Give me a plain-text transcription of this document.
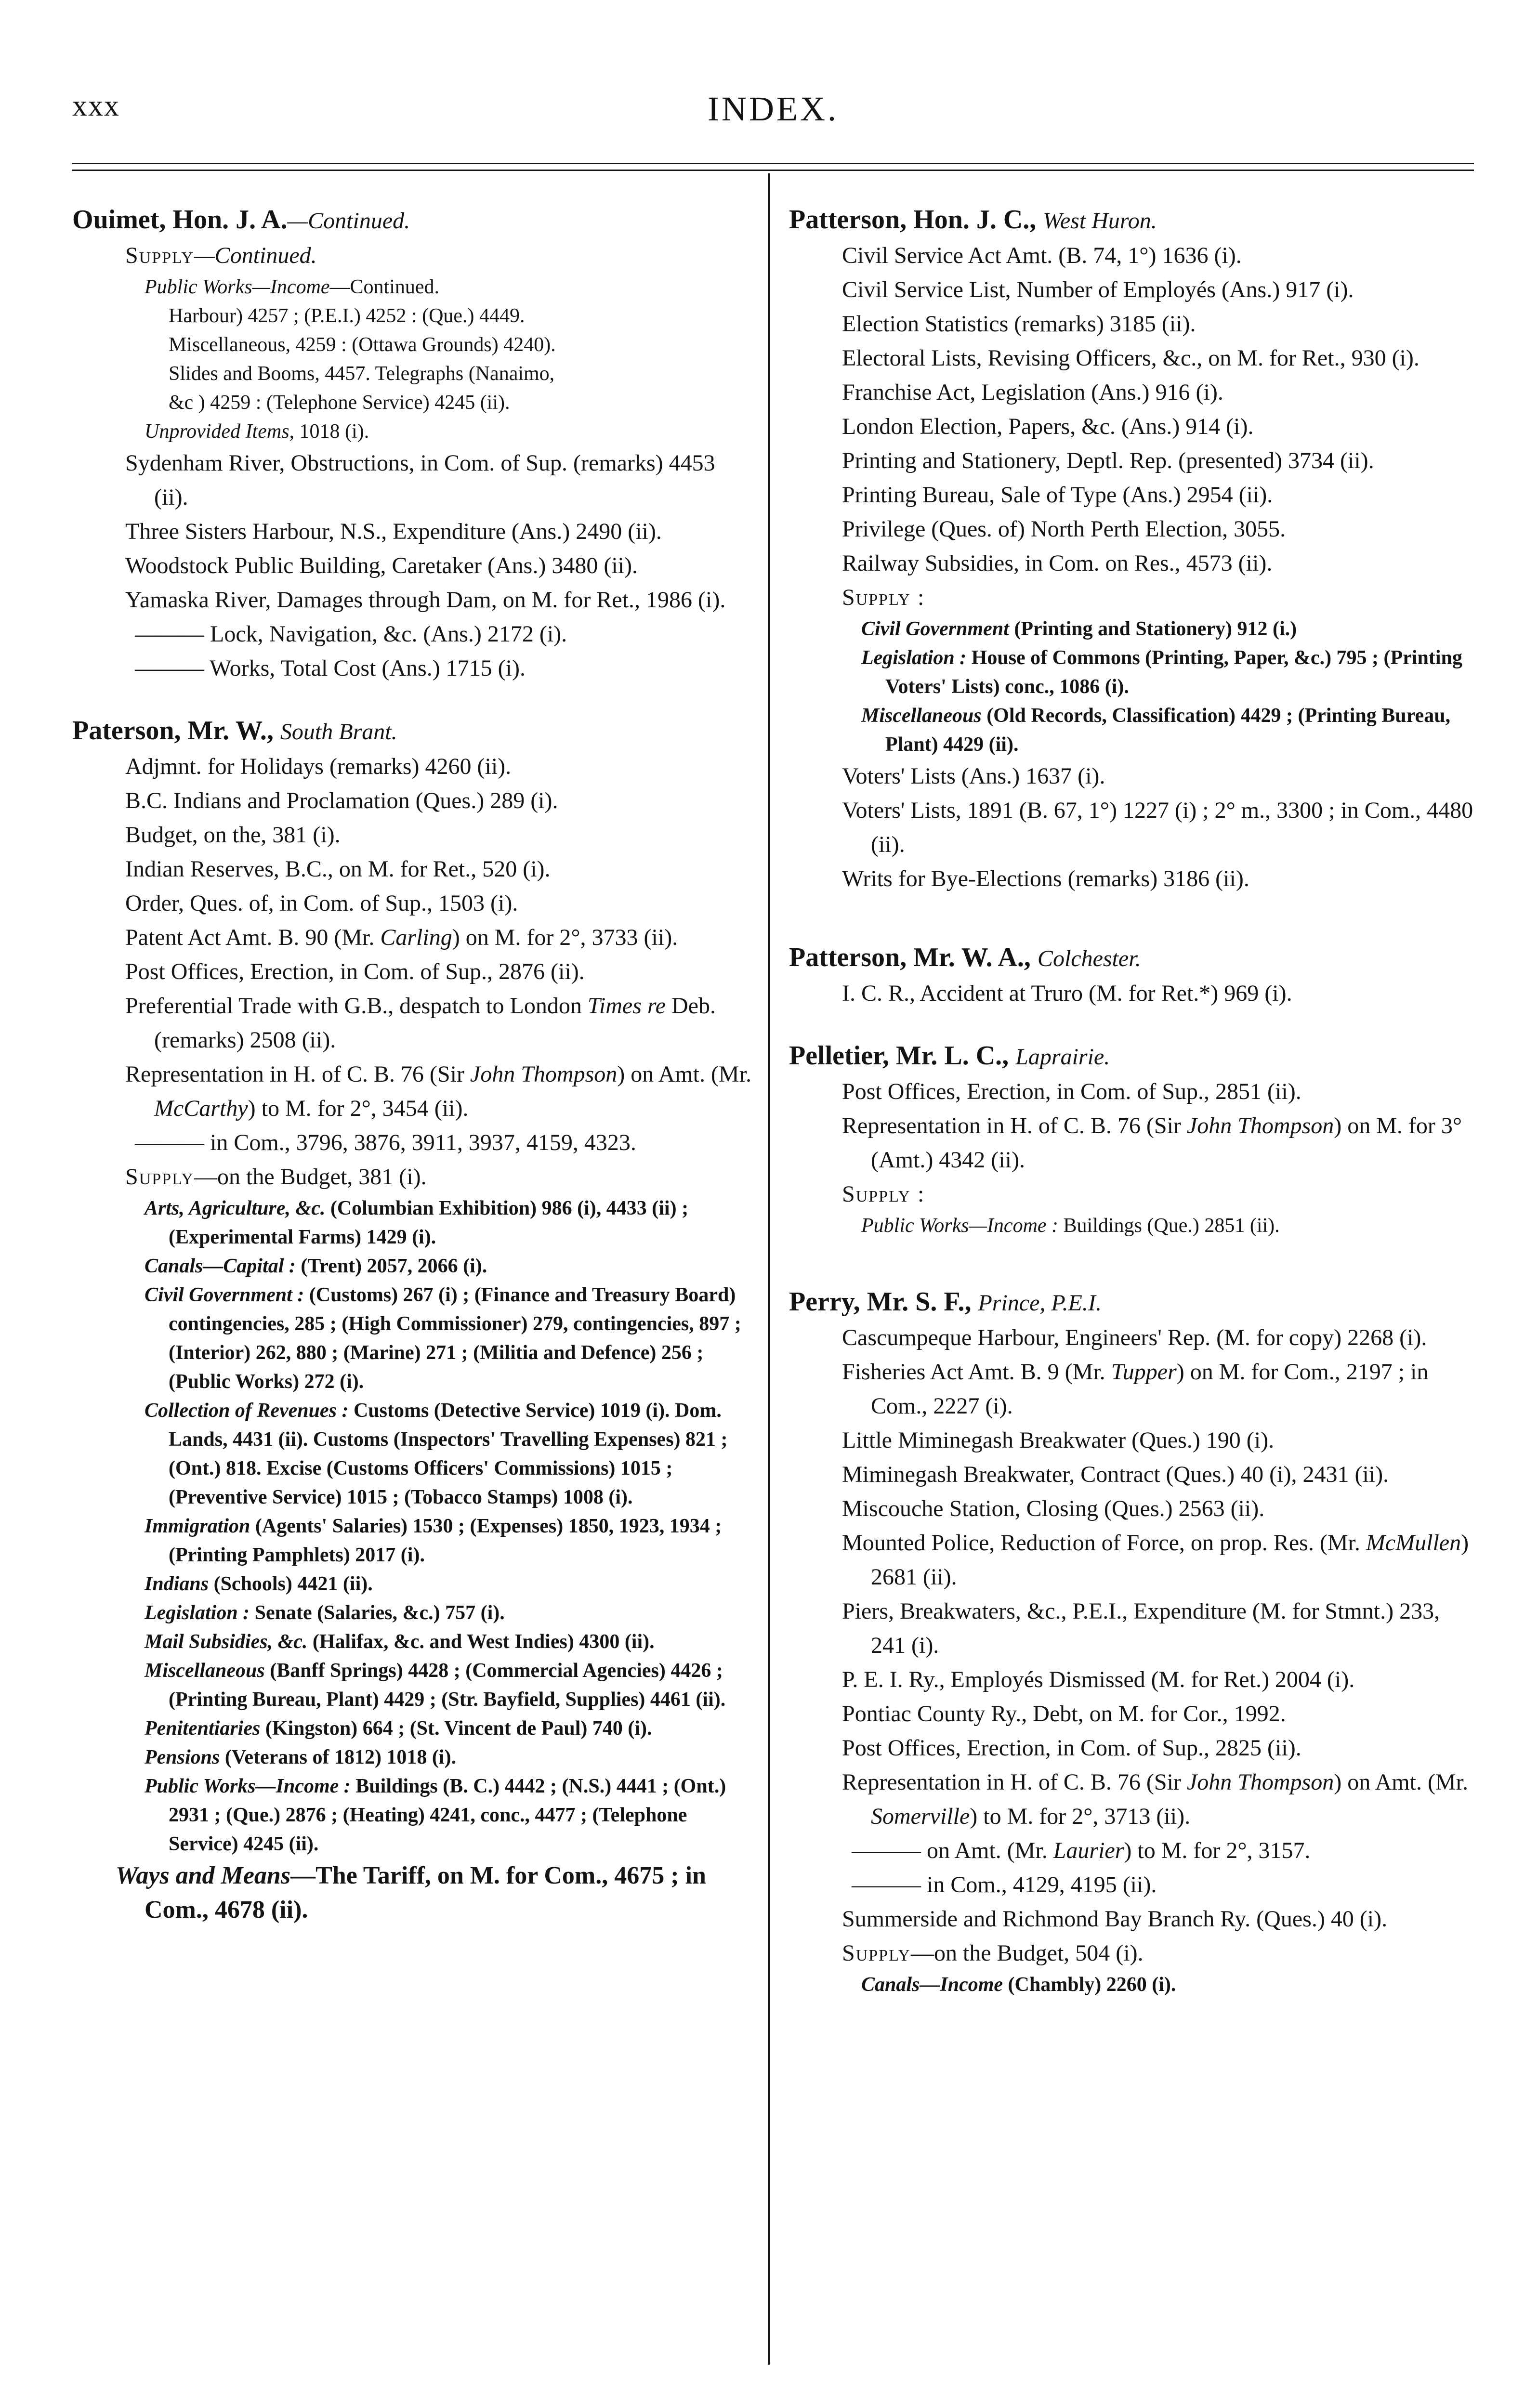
xxx	INDEX.
Ouimet, Hon. J. A.—Continued.
Supply—Continued.
Public Works—Income—Continued.
Harbour) 4257 ; (P.E.I.) 4252 : (Que.) 4449.
Miscellaneous, 4259 : (Ottawa Grounds) 4240).
Slides and Booms, 4457. Telegraphs (Nanaimo,
&c ) 4259 : (Telephone Service) 4245 (ii).
Unprovided Items, 1018 (i).
Sydenham River, Obstructions, in Com. of Sup. (remarks) 4453 (ii).
Three Sisters Harbour, N.S., Expenditure (Ans.) 2490 (ii).
Woodstock Public Building, Caretaker (Ans.) 3480 (ii).
Yamaska River, Damages through Dam, on M. for Ret., 1986 (i).
——— Lock, Navigation, &c. (Ans.) 2172 (i).
——— Works, Total Cost (Ans.) 1715 (i).
Paterson, Mr. W., South Brant.
Adjmnt. for Holidays (remarks) 4260 (ii).
B.C. Indians and Proclamation (Ques.) 289 (i).
Budget, on the, 381 (i).
Indian Reserves, B.C., on M. for Ret., 520 (i).
Order, Ques. of, in Com. of Sup., 1503 (i).
Patent Act Amt. B. 90 (Mr. Carling) on M. for 2°, 3733 (ii).
Post Offices, Erection, in Com. of Sup., 2876 (ii).
Preferential Trade with G.B., despatch to London Times re Deb. (remarks) 2508 (ii).
Representation in H. of C. B. 76 (Sir John Thompson) on Amt. (Mr. McCarthy) to M. for 2°, 3454 (ii).
——— in Com., 3796, 3876, 3911, 3937, 4159, 4323.
Supply—on the Budget, 381 (i).
Arts, Agriculture, &c. (Columbian Exhibition) 986 (i), 4433 (ii) ; (Experimental Farms) 1429 (i).
Canals—Capital : (Trent) 2057, 2066 (i).
Civil Government : (Customs) 267 (i) ; (Finance and Treasury Board) contingencies, 285 ; (High Commissioner) 279, contingencies, 897 ; (Interior) 262, 880 ; (Marine) 271 ; (Militia and Defence) 256 ; (Public Works) 272 (i).
Collection of Revenues : Customs (Detective Service) 1019 (i). Dom. Lands, 4431 (ii). Customs (Inspectors' Travelling Expenses) 821 ; (Ont.) 818. Excise (Customs Officers' Commissions) 1015 ; (Preventive Service) 1015 ; (Tobacco Stamps) 1008 (i).
Immigration (Agents' Salaries) 1530 ; (Expenses) 1850, 1923, 1934 ; (Printing Pamphlets) 2017 (i).
Indians (Schools) 4421 (ii).
Legislation : Senate (Salaries, &c.) 757 (i).
Mail Subsidies, &c. (Halifax, &c. and West Indies) 4300 (ii).
Miscellaneous (Banff Springs) 4428 ; (Commercial Agencies) 4426 ; (Printing Bureau, Plant) 4429 ; (Str. Bayfield, Supplies) 4461 (ii).
Penitentiaries (Kingston) 664 ; (St. Vincent de Paul) 740 (i).
Pensions (Veterans of 1812) 1018 (i).
Public Works—Income : Buildings (B. C.) 4442 ; (N.S.) 4441 ; (Ont.) 2931 ; (Que.) 2876 ; (Heating) 4241, conc., 4477 ; (Telephone Service) 4245 (ii).
Ways and Means—The Tariff, on M. for Com., 4675 ; in Com., 4678 (ii).
Patterson, Hon. J. C., West Huron.
Civil Service Act Amt. (B. 74, 1°) 1636 (i).
Civil Service List, Number of Employés (Ans.) 917 (i).
Election Statistics (remarks) 3185 (ii).
Electoral Lists, Revising Officers, &c., on M. for Ret., 930 (i).
Franchise Act, Legislation (Ans.) 916 (i).
London Election, Papers, &c. (Ans.) 914 (i).
Printing and Stationery, Deptl. Rep. (presented) 3734 (ii).
Printing Bureau, Sale of Type (Ans.) 2954 (ii).
Privilege (Ques. of) North Perth Election, 3055.
Railway Subsidies, in Com. on Res., 4573 (ii).
Supply :
Civil Government (Printing and Stationery) 912 (i.)
Legislation : House of Commons (Printing, Paper, &c.) 795 ; (Printing Voters' Lists) conc., 1086 (i).
Miscellaneous (Old Records, Classification) 4429 ; (Printing Bureau, Plant) 4429 (ii).
Voters' Lists (Ans.) 1637 (i).
Voters' Lists, 1891 (B. 67, 1°) 1227 (i) ; 2° m., 3300 ; in Com., 4480 (ii).
Writs for Bye-Elections (remarks) 3186 (ii).
Patterson, Mr. W. A., Colchester.
I. C. R., Accident at Truro (M. for Ret.*) 969 (i).
Pelletier, Mr. L. C., Laprairie.
Post Offices, Erection, in Com. of Sup., 2851 (ii).
Representation in H. of C. B. 76 (Sir John Thompson) on M. for 3° (Amt.) 4342 (ii).
Supply :
Public Works—Income : Buildings (Que.) 2851 (ii).
Perry, Mr. S. F., Prince, P.E.I.
Cascumpeque Harbour, Engineers' Rep. (M. for copy) 2268 (i).
Fisheries Act Amt. B. 9 (Mr. Tupper) on M. for Com., 2197 ; in Com., 2227 (i).
Little Miminegash Breakwater (Ques.) 190 (i).
Miminegash Breakwater, Contract (Ques.) 40 (i), 2431 (ii).
Miscouche Station, Closing (Ques.) 2563 (ii).
Mounted Police, Reduction of Force, on prop. Res. (Mr. McMullen) 2681 (ii).
Piers, Breakwaters, &c., P.E.I., Expenditure (M. for Stmnt.) 233, 241 (i).
P. E. I. Ry., Employés Dismissed (M. for Ret.) 2004 (i).
Pontiac County Ry., Debt, on M. for Cor., 1992.
Post Offices, Erection, in Com. of Sup., 2825 (ii).
Representation in H. of C. B. 76 (Sir John Thompson) on Amt. (Mr. Somerville) to M. for 2°, 3713 (ii).
——— on Amt. (Mr. Laurier) to M. for 2°, 3157.
——— in Com., 4129, 4195 (ii).
Summerside and Richmond Bay Branch Ry. (Ques.) 40 (i).
Supply—on the Budget, 504 (i).
Canals—Income (Chambly) 2260 (i).
